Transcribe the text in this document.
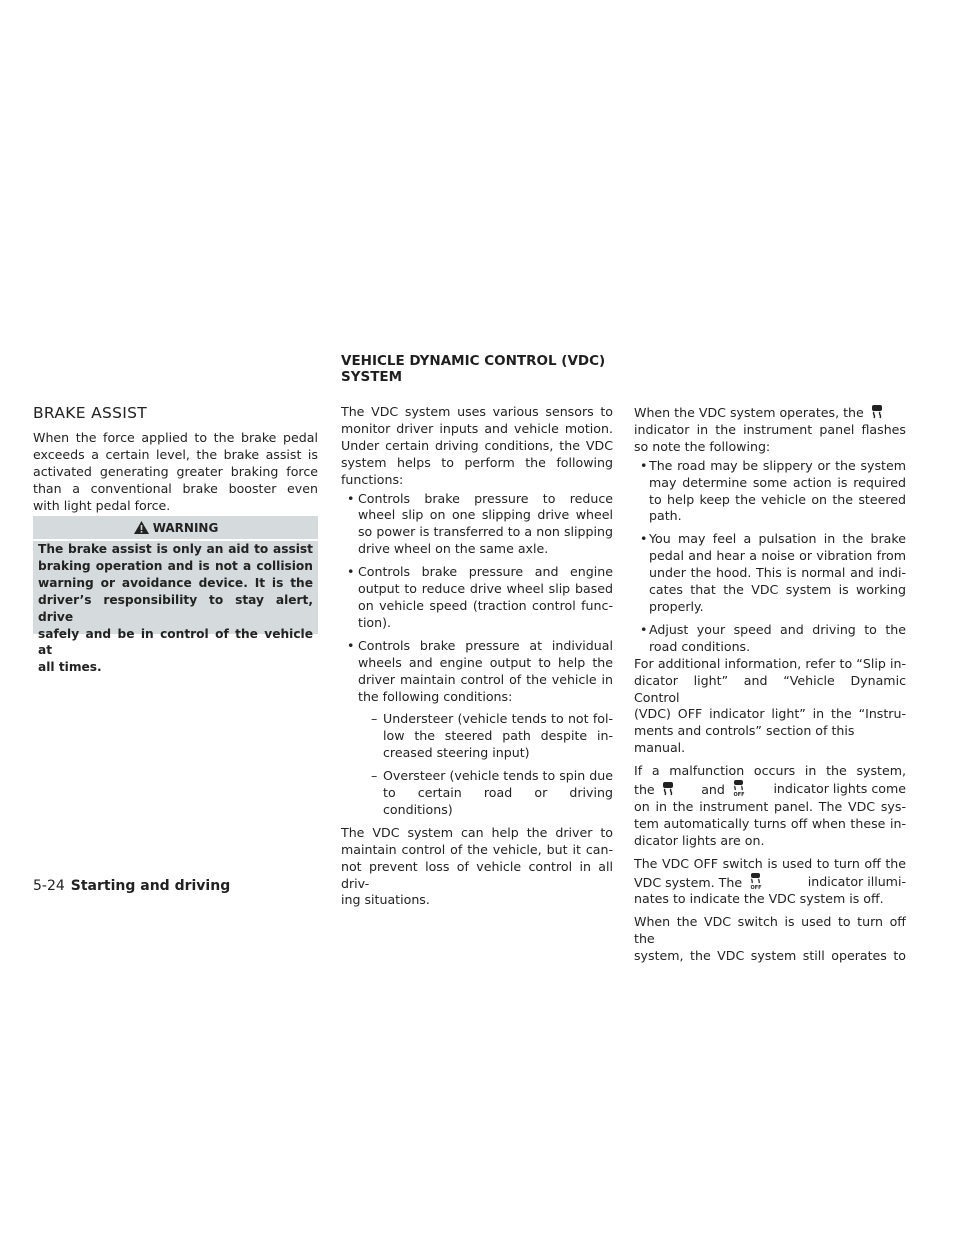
VEHICLE DYNAMIC CONTROL (VDC)
SYSTEM
BRAKE ASSIST
When the force applied to the brake pedal
exceeds a certain level, the brake assist is
activated generating greater braking force
than a conventional brake booster even
with light pedal force.
WARNING
The brake assist is only an aid to assist
braking operation and is not a collision
warning or avoidance device. It is the
driver’s responsibility to stay alert, drive
safely and be in control of the vehicle at
all times.
The VDC system uses various sensors to
monitor driver inputs and vehicle motion.
Under certain driving conditions, the VDC
system helps to perform the following
functions:
• Controls brake pressure to reduce
wheel slip on one slipping drive wheel
so power is transferred to a non slipping
drive wheel on the same axle.
• Controls brake pressure and engine
output to reduce drive wheel slip based
on vehicle speed (traction control func-
tion).
• Controls brake pressure at individual
wheels and engine output to help the
driver maintain control of the vehicle in
the following conditions:
– Understeer (vehicle tends to not fol-
low the steered path despite in-
creased steering input)
– Oversteer (vehicle tends to spin due
to certain road or driving conditions)
The VDC system can help the driver to
maintain control of the vehicle, but it can-
not prevent loss of vehicle control in all driv-
ing situations.
When the VDC system operates, the
indicator in the instrument panel flashes
so note the following:
• The road may be slippery or the system
may determine some action is required
to help keep the vehicle on the steered
path.
• You may feel a pulsation in the brake
pedal and hear a noise or vibration from
under the hood. This is normal and indi-
cates that the VDC system is working
properly.
• Adjust your speed and driving to the
road conditions.
For additional information, refer to “Slip in-
dicator light” and “Vehicle Dynamic Control
(VDC) OFF indicator light” in the “Instru-
ments and controls” section of this manual.
If a malfunction occurs in the system,
the	and OFF indicator lights come
on in the instrument panel. The VDC sys-
tem automatically turns off when these in-
dicator lights are on.
The VDC OFF switch is used to turn off the
VDC system. The OFF	indicator illumi-
nates to indicate the VDC system is off.
When the VDC switch is used to turn off the
system, the VDC system still operates to
5-24 Starting and driving
